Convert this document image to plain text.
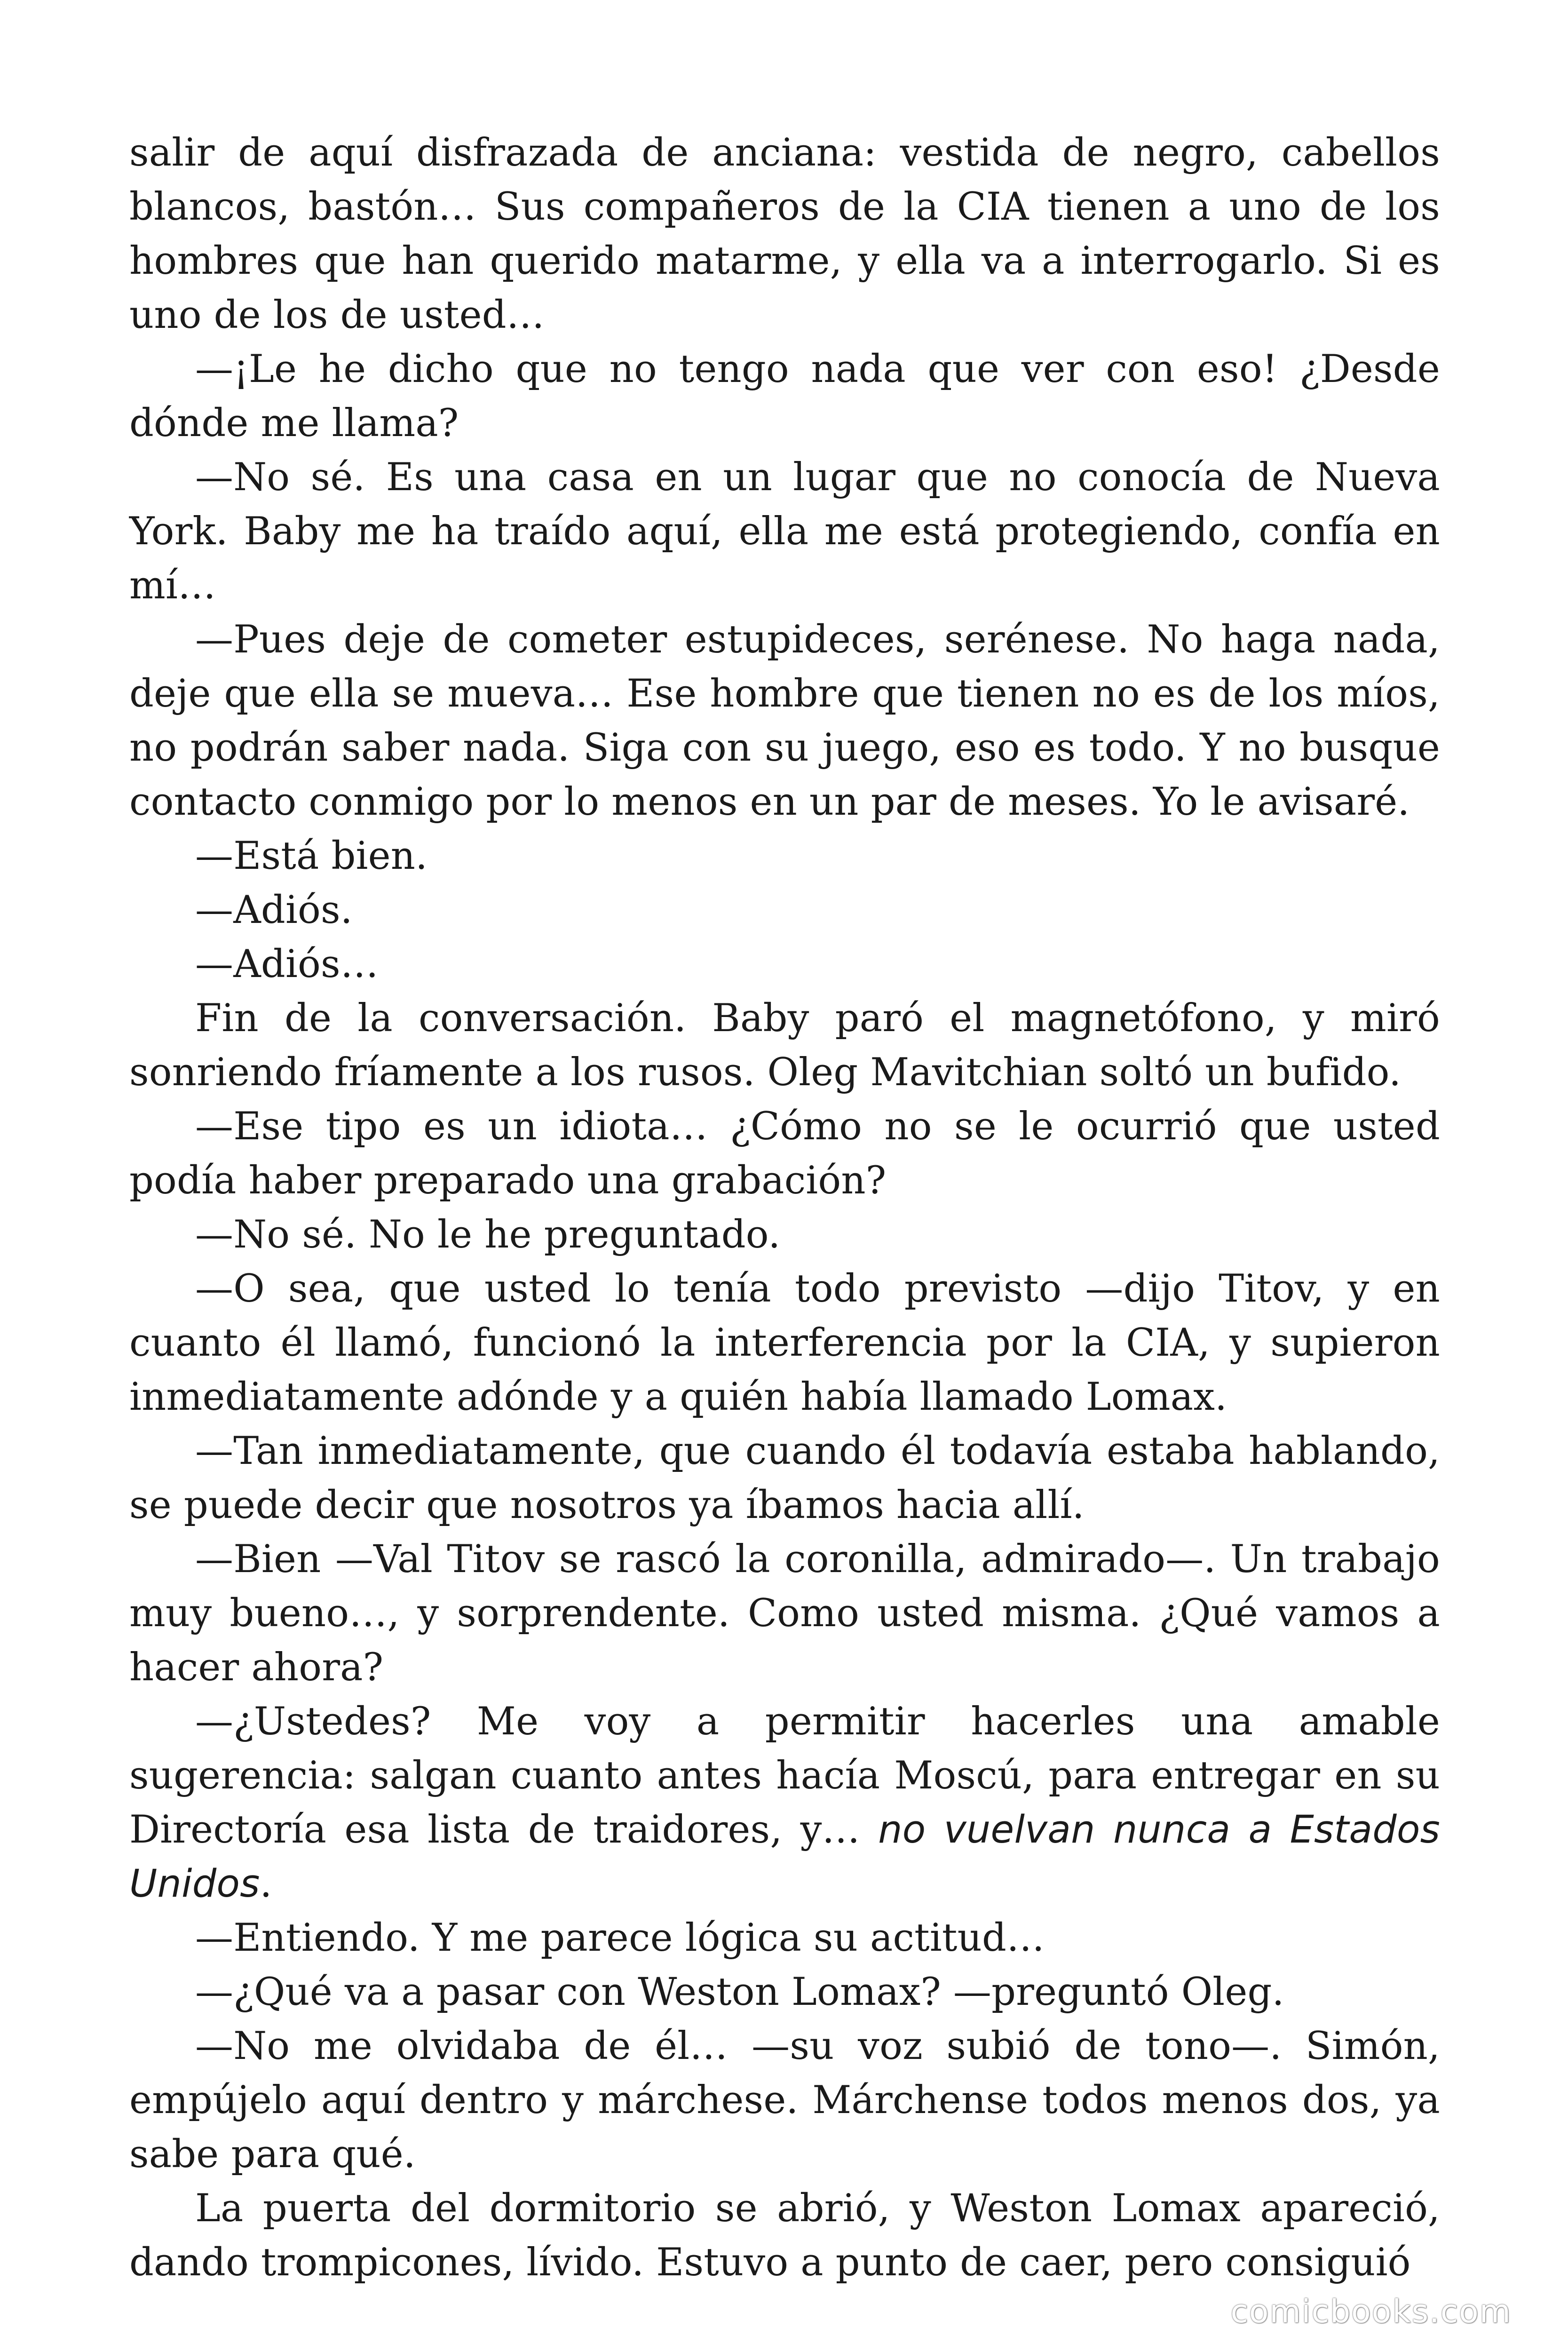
salir de aquí disfrazada de anciana: vestida de negro, cabellos blancos, bastón… Sus compañeros de la CIA tienen a uno de los hombres que han querido matarme, y ella va a interrogarlo. Si es uno de los de usted…

—¡Le he dicho que no tengo nada que ver con eso! ¿Desde dónde me llama?

—No sé. Es una casa en un lugar que no conocía de Nueva York. Baby me ha traído aquí, ella me está protegiendo, confía en mí…

—Pues deje de cometer estupideces, serénese. No haga nada, deje que ella se mueva… Ese hombre que tienen no es de los míos, no podrán saber nada. Siga con su juego, eso es todo. Y no busque contacto conmigo por lo menos en un par de meses. Yo le avisaré.

—Está bien.

—Adiós.

—Adiós…

Fin de la conversación. Baby paró el magnetófono, y miró sonriendo fríamente a los rusos. Oleg Mavitchian soltó un bufido.

—Ese tipo es un idiota… ¿Cómo no se le ocurrió que usted podía haber preparado una grabación?

—No sé. No le he preguntado.

—O sea, que usted lo tenía todo previsto —dijo Titov, y en cuanto él llamó, funcionó la interferencia por la CIA, y supieron inmediatamente adónde y a quién había llamado Lomax.

—Tan inmediatamente, que cuando él todavía estaba hablando, se puede decir que nosotros ya íbamos hacia allí.

—Bien —Val Titov se rascó la coronilla, admirado—. Un trabajo muy bueno…, y sorprendente. Como usted misma. ¿Qué vamos a hacer ahora?

—¿Ustedes? Me voy a permitir hacerles una amable sugerencia: salgan cuanto antes hacía Moscú, para entregar en su Directoría esa lista de traidores, y… no vuelvan nunca a Estados Unidos.

—Entiendo. Y me parece lógica su actitud…

—¿Qué va a pasar con Weston Lomax? —preguntó Oleg.

—No me olvidaba de él… —su voz subió de tono—. Simón, empújelo aquí dentro y márchese. Márchense todos menos dos, ya sabe para qué.

La puerta del dormitorio se abrió, y Weston Lomax apareció, dando trompicones, lívido. Estuvo a punto de caer, pero consiguió

comicbooks.com
